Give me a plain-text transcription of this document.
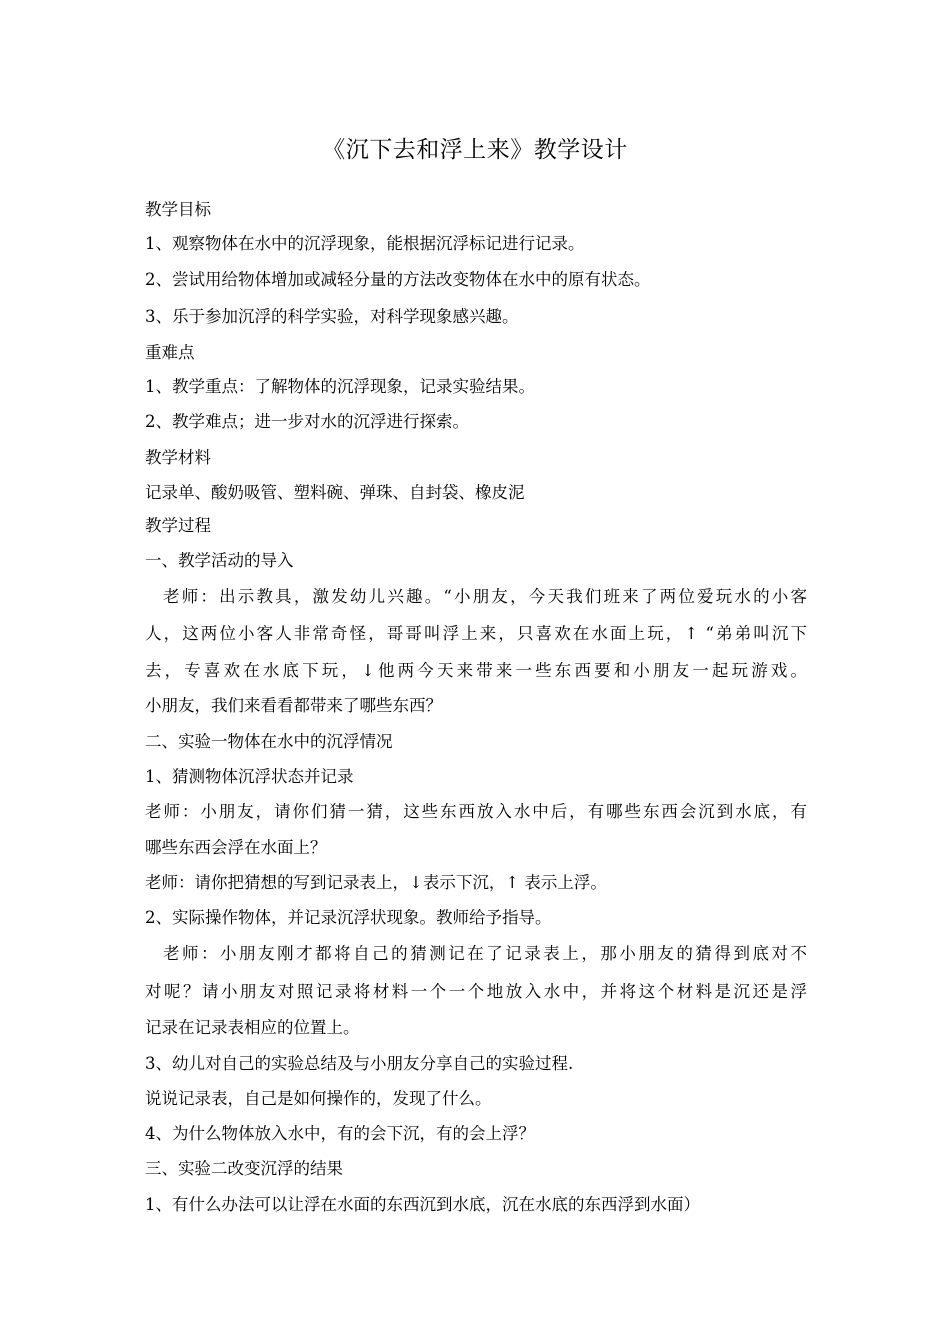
《沉下去和浮上来》教学设计
教学目标
1、观察物体在水中的沉浮现象，能根据沉浮标记进行记录。
2、尝试用给物体增加或减轻分量的方法改变物体在水中的原有状态。
3、乐于参加沉浮的科学实验，对科学现象感兴趣。
重难点
1、教学重点：了解物体的沉浮现象，记录实验结果。
2、教学难点；进一步对水的沉浮进行探索。
教学材料
记录单、酸奶吸管、塑料碗、弹珠、自封袋、橡皮泥
教学过程
一、教学活动的导入
老师：出示教具，激发幼儿兴趣。“小朋友，今天我们班来了两位爱玩水的小客
人，这两位小客人非常奇怪，哥哥叫浮上来，只喜欢在水面上玩，↑ “弟弟叫沉下
去，专喜欢在水底下玩，↓他两今天来带来一些东西要和小朋友一起玩游戏。
小朋友，我们来看看都带来了哪些东西？
二、实验一物体在水中的沉浮情况
1、猜测物体沉浮状态并记录
老师：小朋友，请你们猜一猜，这些东西放入水中后，有哪些东西会沉到水底，有
哪些东西会浮在水面上？
老师：请你把猜想的写到记录表上，↓表示下沉，↑ 表示上浮。
2、实际操作物体，并记录沉浮状现象。教师给予指导。
老师：小朋友刚才都将自己的猜测记在了记录表上，那小朋友的猜得到底对不
对呢？请小朋友对照记录将材料一个一个地放入水中，并将这个材料是沉还是浮
记录在记录表相应的位置上。
3、幼儿对自己的实验总结及与小朋友分享自己的实验过程.
说说记录表，自己是如何操作的，发现了什么。
4、为什么物体放入水中，有的会下沉，有的会上浮？
三、实验二改变沉浮的结果
1、有什么办法可以让浮在水面的东西沉到水底，沉在水底的东西浮到水面）
